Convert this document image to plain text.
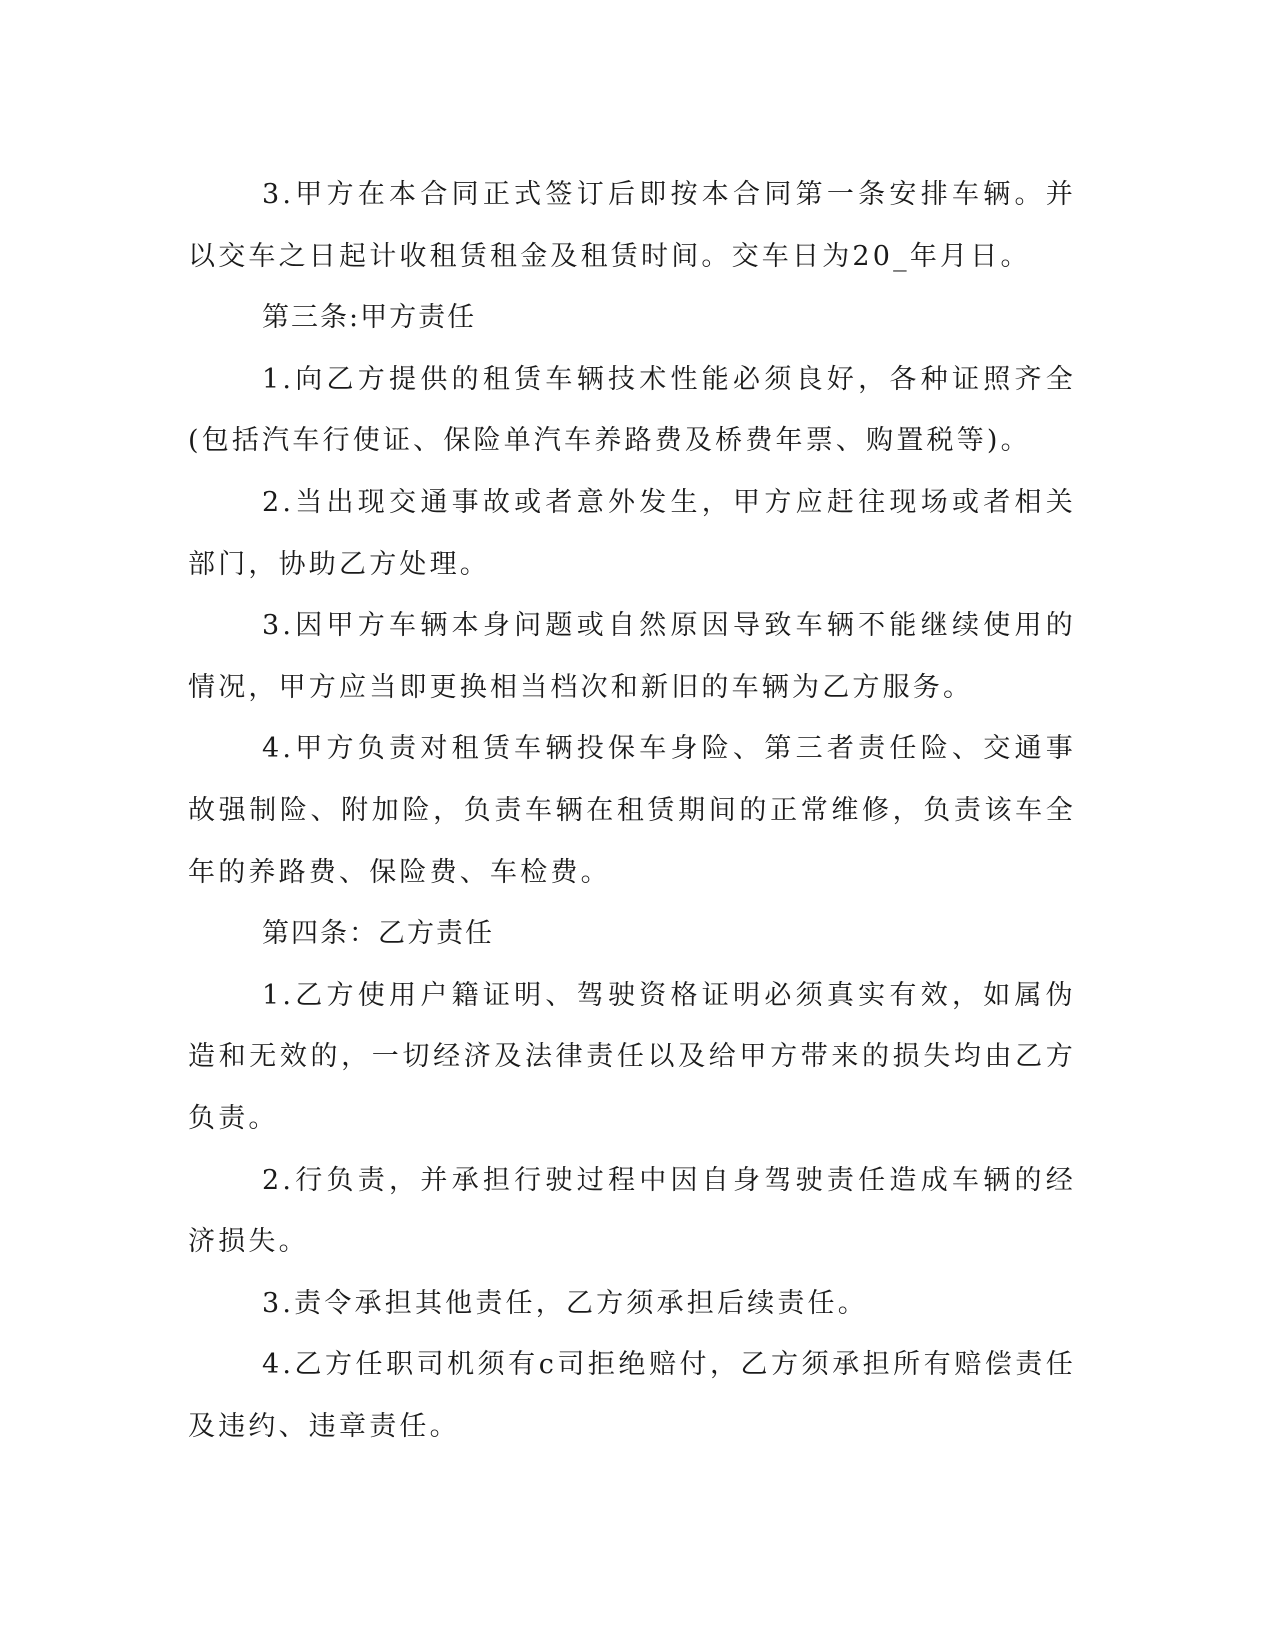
3.甲方在本合同正式签订后即按本合同第一条安排车辆。并以交车之日起计收租赁租金及租赁时间。交车日为20_年月日。

第三条:甲方责任

1.向乙方提供的租赁车辆技术性能必须良好，各种证照齐全(包括汽车行使证、保险单汽车养路费及桥费年票、购置税等)。

2.当出现交通事故或者意外发生，甲方应赶往现场或者相关部门，协助乙方处理。

3.因甲方车辆本身问题或自然原因导致车辆不能继续使用的情况，甲方应当即更换相当档次和新旧的车辆为乙方服务。

4.甲方负责对租赁车辆投保车身险、第三者责任险、交通事故强制险、附加险，负责车辆在租赁期间的正常维修，负责该车全年的养路费、保险费、车检费。

第四条：乙方责任

1.乙方使用户籍证明、驾驶资格证明必须真实有效，如属伪造和无效的，一切经济及法律责任以及给甲方带来的损失均由乙方负责。

2.行负责，并承担行驶过程中因自身驾驶责任造成车辆的经济损失。

3.责令承担其他责任，乙方须承担后续责任。

4.乙方任职司机须有c司拒绝赔付，乙方须承担所有赔偿责任及违约、违章责任。
